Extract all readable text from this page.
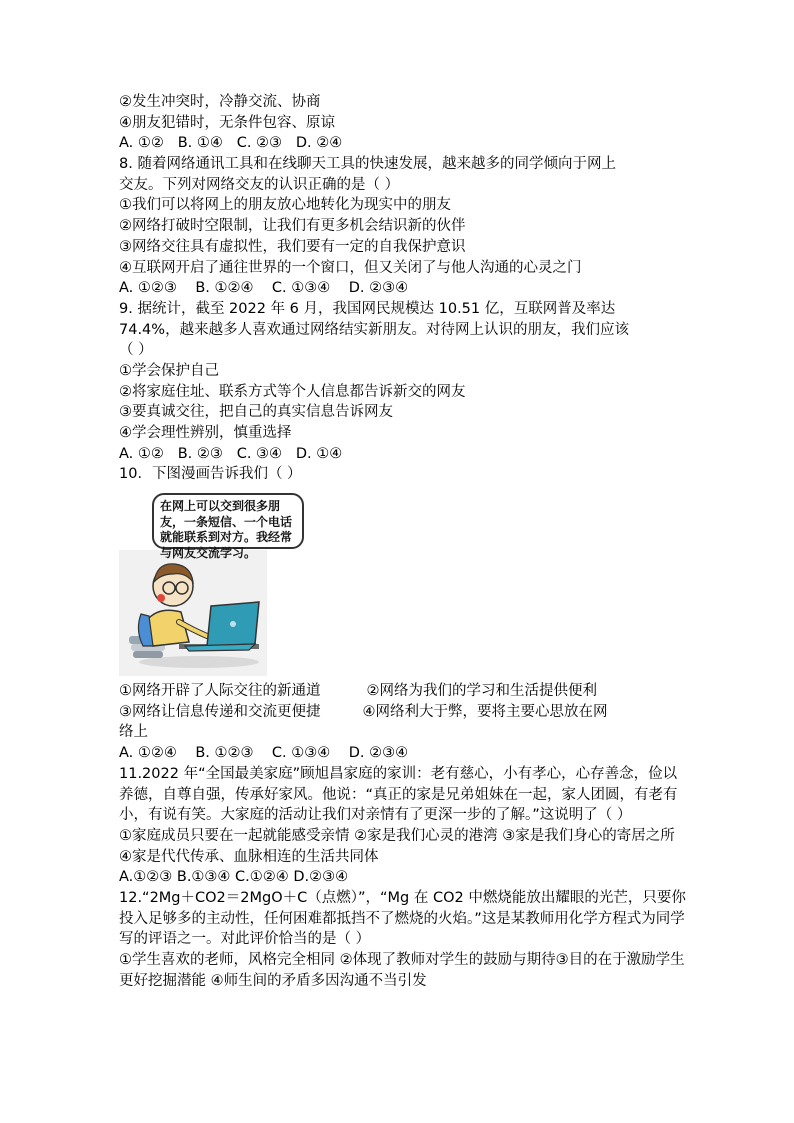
②发生冲突时，冷静交流、协商
④朋友犯错时，无条件包容、原谅
A. ①②   B. ①④   C. ②③   D. ②④
8. 随着网络通讯工具和在线聊天工具的快速发展，越来越多的同学倾向于网上
交友。下列对网络交友的认识正确的是（ ）
①我们可以将网上的朋友放心地转化为现实中的朋友
②网络打破时空限制，让我们有更多机会结识新的伙伴
③网络交往具有虚拟性，我们要有一定的自我保护意识
④互联网开启了通往世界的一个窗口，但又关闭了与他人沟通的心灵之门
A. ①②③    B. ①②④    C. ①③④    D. ②③④
9. 据统计，截至 2022 年 6 月，我国网民规模达 10.51 亿，互联网普及率达
74.4%，越来越多人喜欢通过网络结实新朋友。对待网上认识的朋友，我们应该
（ ）
①学会保护自己
②将家庭住址、联系方式等个人信息都告诉新交的网友
③要真诚交往，把自己的真实信息告诉网友
④学会理性辨别，慎重选择
A. ①②   B. ②③   C. ③④   D. ①④
10．下图漫画告诉我们（ ）
在网上可以交到很多朋友，一条短信、一个电话就能联系到对方。我经常与网友交流学习。
①网络开辟了人际交往的新通道	②网络为我们的学习和生活提供便利
③网络让信息传递和交流更便捷	④网络利大于弊，要将主要心思放在网
络上
A. ①②④    B. ①②③    C. ①③④    D. ②③④
11.2022 年“全国最美家庭”顾旭昌家庭的家训：老有慈心，小有孝心，心存善念，俭以养德，自尊自强，传承好家风。他说：“真正的家是兄弟姐妹在一起，家人团圆，有老有小，有说有笑。大家庭的活动让我们对亲情有了更深一步的了解。”这说明了（ ）
①家庭成员只要在一起就能感受亲情 ②家是我们心灵的港湾 ③家是我们身心的寄居之所 ④家是代代传承、血脉相连的生活共同体
A.①②③ B.①③④ C.①②④ D.②③④
12.“2Mg＋CO2＝2MgO＋C（点燃）”，“Mg 在 CO2 中燃烧能放出耀眼的光芒，只要你投入足够多的主动性，任何困难都抵挡不了燃烧的火焰。”这是某教师用化学方程式为同学写的评语之一。对此评价恰当的是（ ）
①学生喜欢的老师，风格完全相同 ②体现了教师对学生的鼓励与期待③目的在于激励学生更好挖掘潜能 ④师生间的矛盾多因沟通不当引发
